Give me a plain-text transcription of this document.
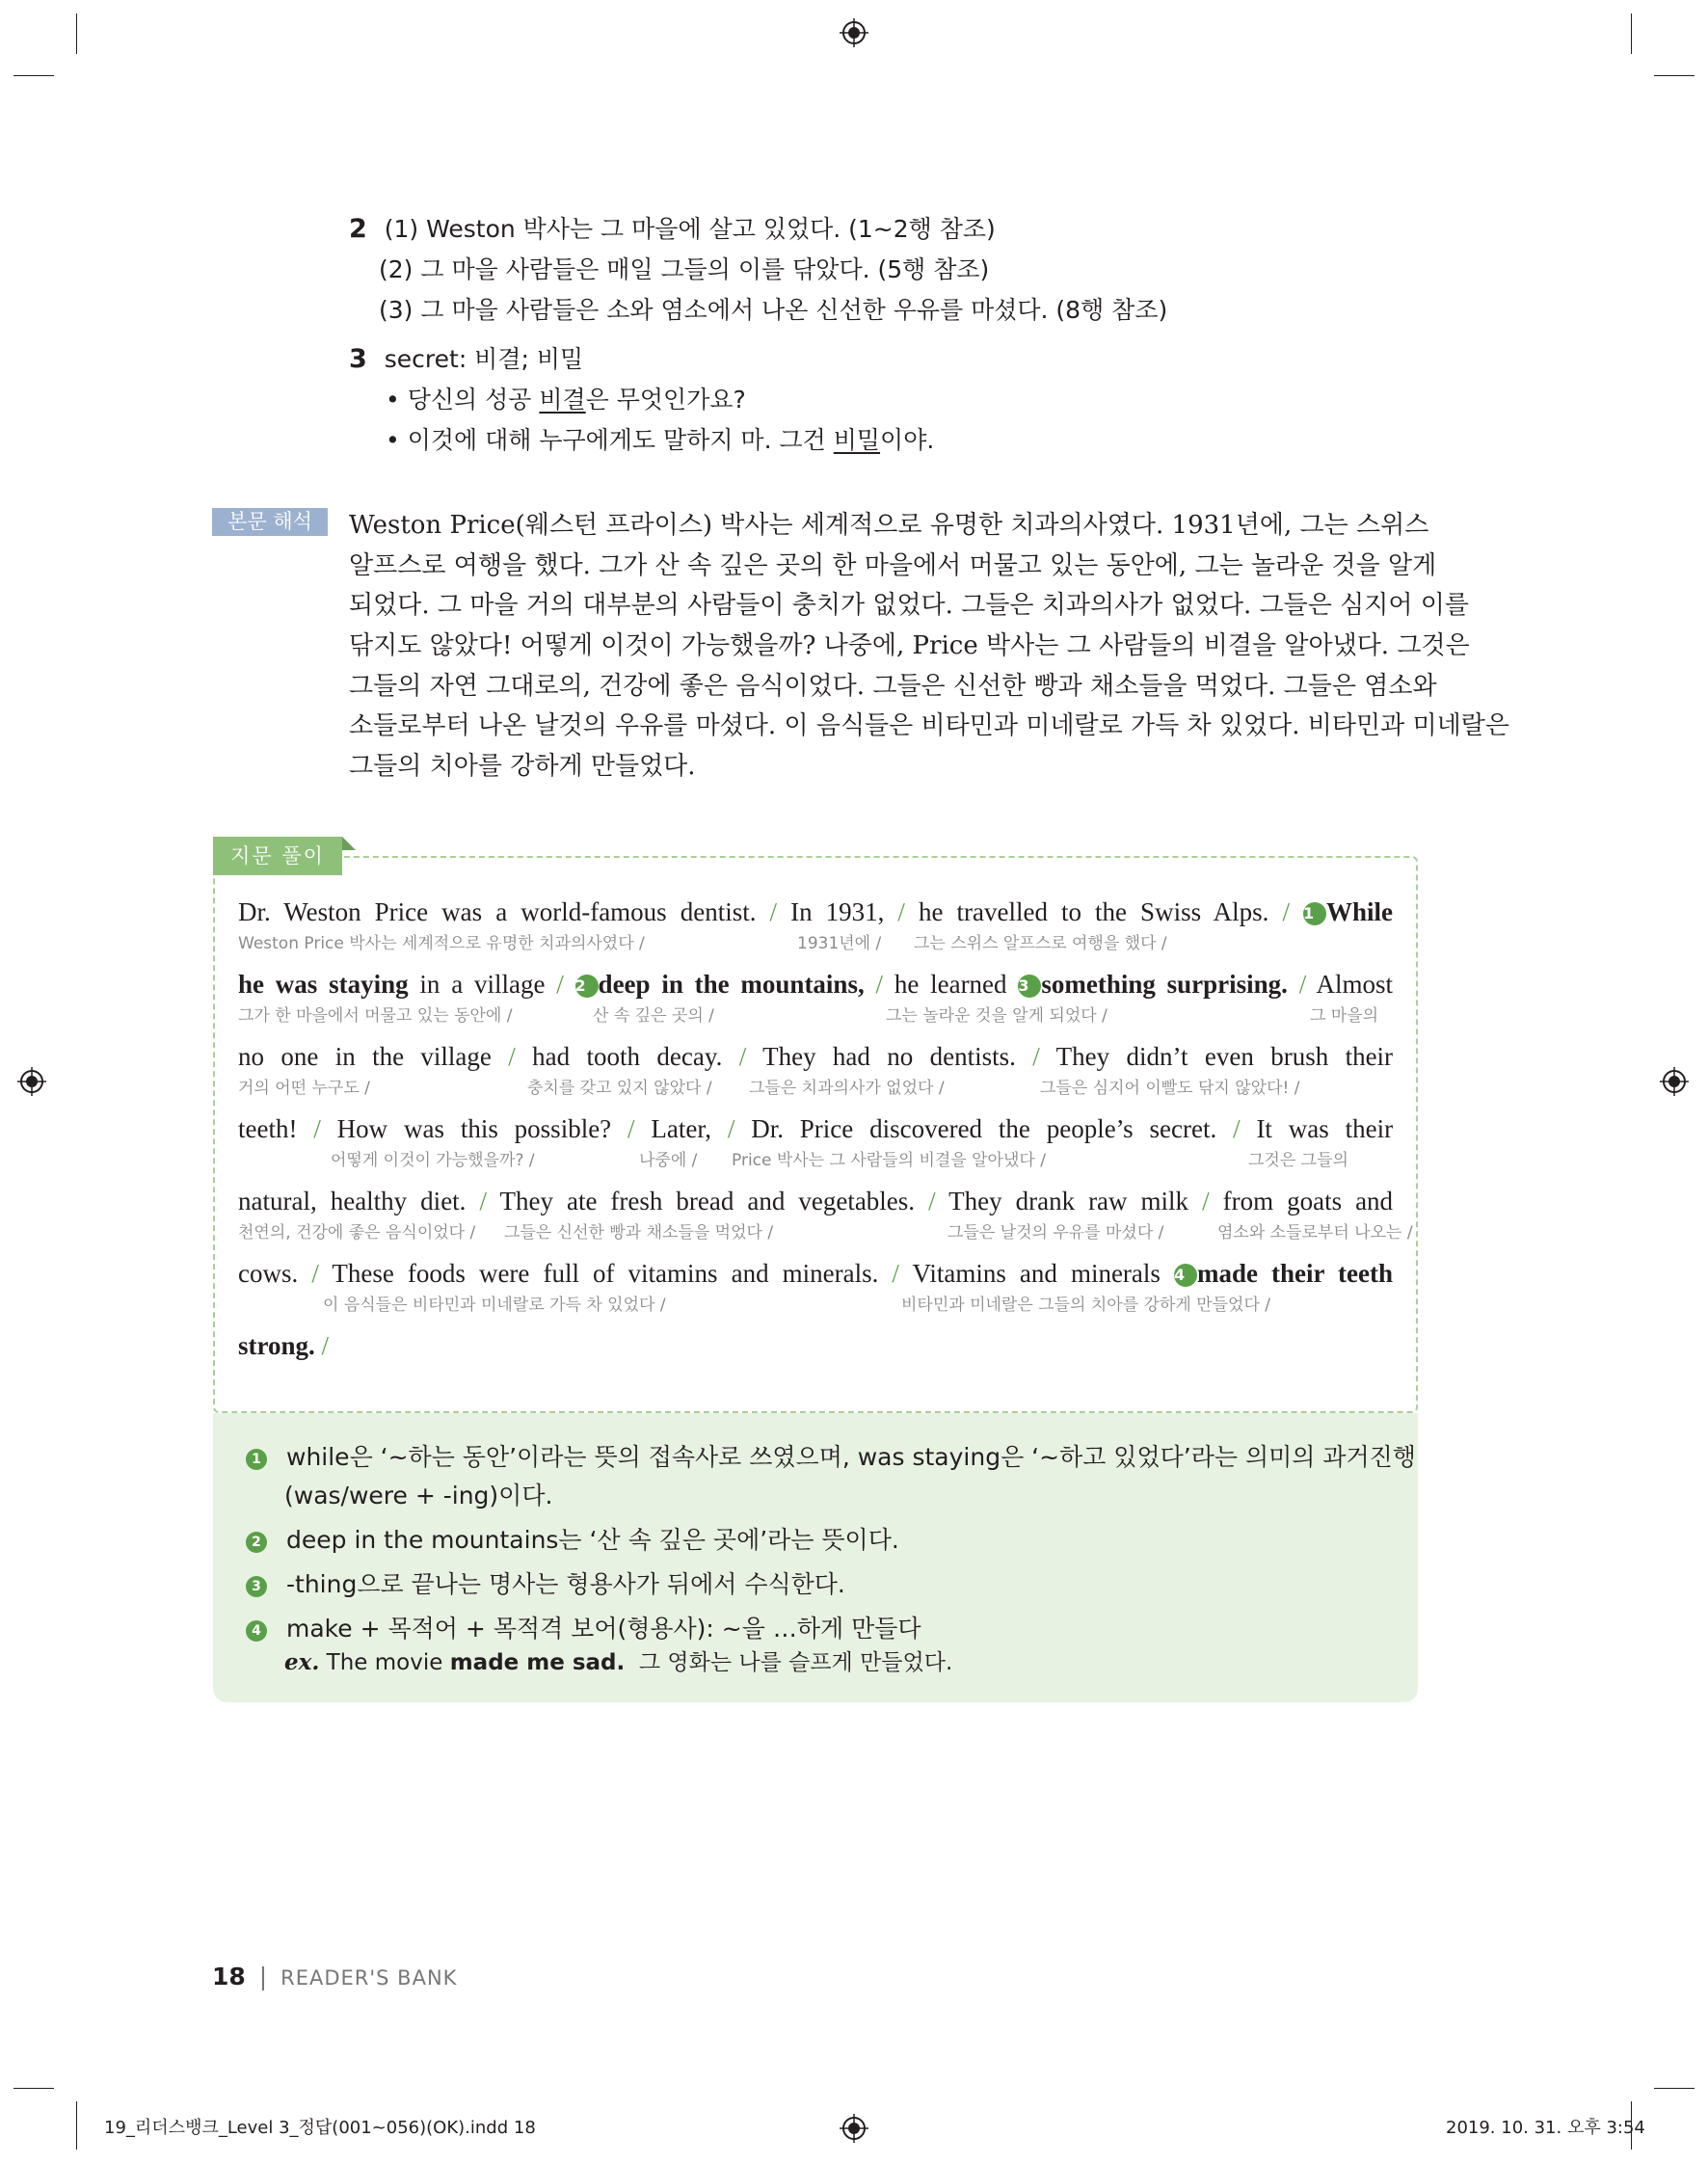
2 (1) Weston 박사는 그 마을에 살고 있었다. (1~2행 참조)
(2) 그 마을 사람들은 매일 그들의 이를 닦았다. (5행 참조)
(3) 그 마을 사람들은 소와 염소에서 나온 신선한 우유를 마셨다. (8행 참조)
3 secret: 비결; 비밀
• 당신의 성공 비결은 무엇인가요?
• 이것에 대해 누구에게도 말하지 마. 그건 비밀이야.
본문 해석	Weston Price(웨스턴 프라이스) 박사는 세계적으로 유명한 치과의사였다. 1931년에, 그는 스위스
알프스로 여행을 했다. 그가 산 속 깊은 곳의 한 마을에서 머물고 있는 동안에, 그는 놀라운 것을 알게
되었다. 그 마을 거의 대부분의 사람들이 충치가 없었다. 그들은 치과의사가 없었다. 그들은 심지어 이를
닦지도 않았다! 어떻게 이것이 가능했을까? 나중에, Price 박사는 그 사람들의 비결을 알아냈다. 그것은
그들의 자연 그대로의, 건강에 좋은 음식이었다. 그들은 신선한 빵과 채소들을 먹었다. 그들은 염소와
소들로부터 나온 날것의 우유를 마셨다. 이 음식들은 비타민과 미네랄로 가득 차 있었다. 비타민과 미네랄은
그들의 치아를 강하게 만들었다.
지문 풀이
Dr. Weston Price was a world-famous dentist. / In 1931, / he travelled to the Swiss Alps. / 1 While
Weston Price 박사는 세계적으로 유명한 치과의사였다 /	1931년에 / 그는 스위스 알프스로 여행을 했다 /
he was staying in a village / 2 deep in the mountains, / he learned 3 something surprising. / Almost
그가 한 마을에서 머물고 있는 동안에 /	산 속 깊은 곳의 /	그는 놀라운 것을 알게 되었다 /	그 마을의
no one in the village / had tooth decay. / They had no dentists. / They didn’t even brush their
거의 어떤 누구도 /	충치를 갖고 있지 않았다 / 그들은 치과의사가 없었다 /	그들은 심지어 이빨도 닦지 않았다! /
teeth! / How was this possible? / Later, / Dr. Price discovered the people’s secret. / It was their
어떻게 이것이 가능했을까? /	나중에 / Price 박사는 그 사람들의 비결을 알아냈다 /	그것은 그들의
natural, healthy diet. / They ate fresh bread and vegetables. / They drank raw milk / from goats and
천연의, 건강에 좋은 음식이었다 / 그들은 신선한 빵과 채소들을 먹었다 /	그들은 날것의 우유를 마셨다 /	염소와 소들로부터 나오는 /
cows. / These foods were full of vitamins and minerals. / Vitamins and minerals 4 made their teeth
이 음식들은 비타민과 미네랄로 가득 차 있었다 /	비타민과 미네랄은 그들의 치아를 강하게 만들었다 /
strong. /
1 while은 ‘~하는 동안’이라는 뜻의 접속사로 쓰였으며, was staying은 ‘~하고 있었다’라는 의미의 과거진행
(was/were + -ing)이다.
2 deep in the mountains는 ‘산 속 깊은 곳에’라는 뜻이다.
3 -thing으로 끝나는 명사는 형용사가 뒤에서 수식한다.
4 make + 목적어 + 목적격 보어(형용사): ~을 …하게 만들다
ex. The movie made me sad. 그 영화는 나를 슬프게 만들었다.
18 | READER'S BANK
19_리더스뱅크_Level 3_정답(001~056)(OK).indd 18	2019. 10. 31. 오후 3:54
